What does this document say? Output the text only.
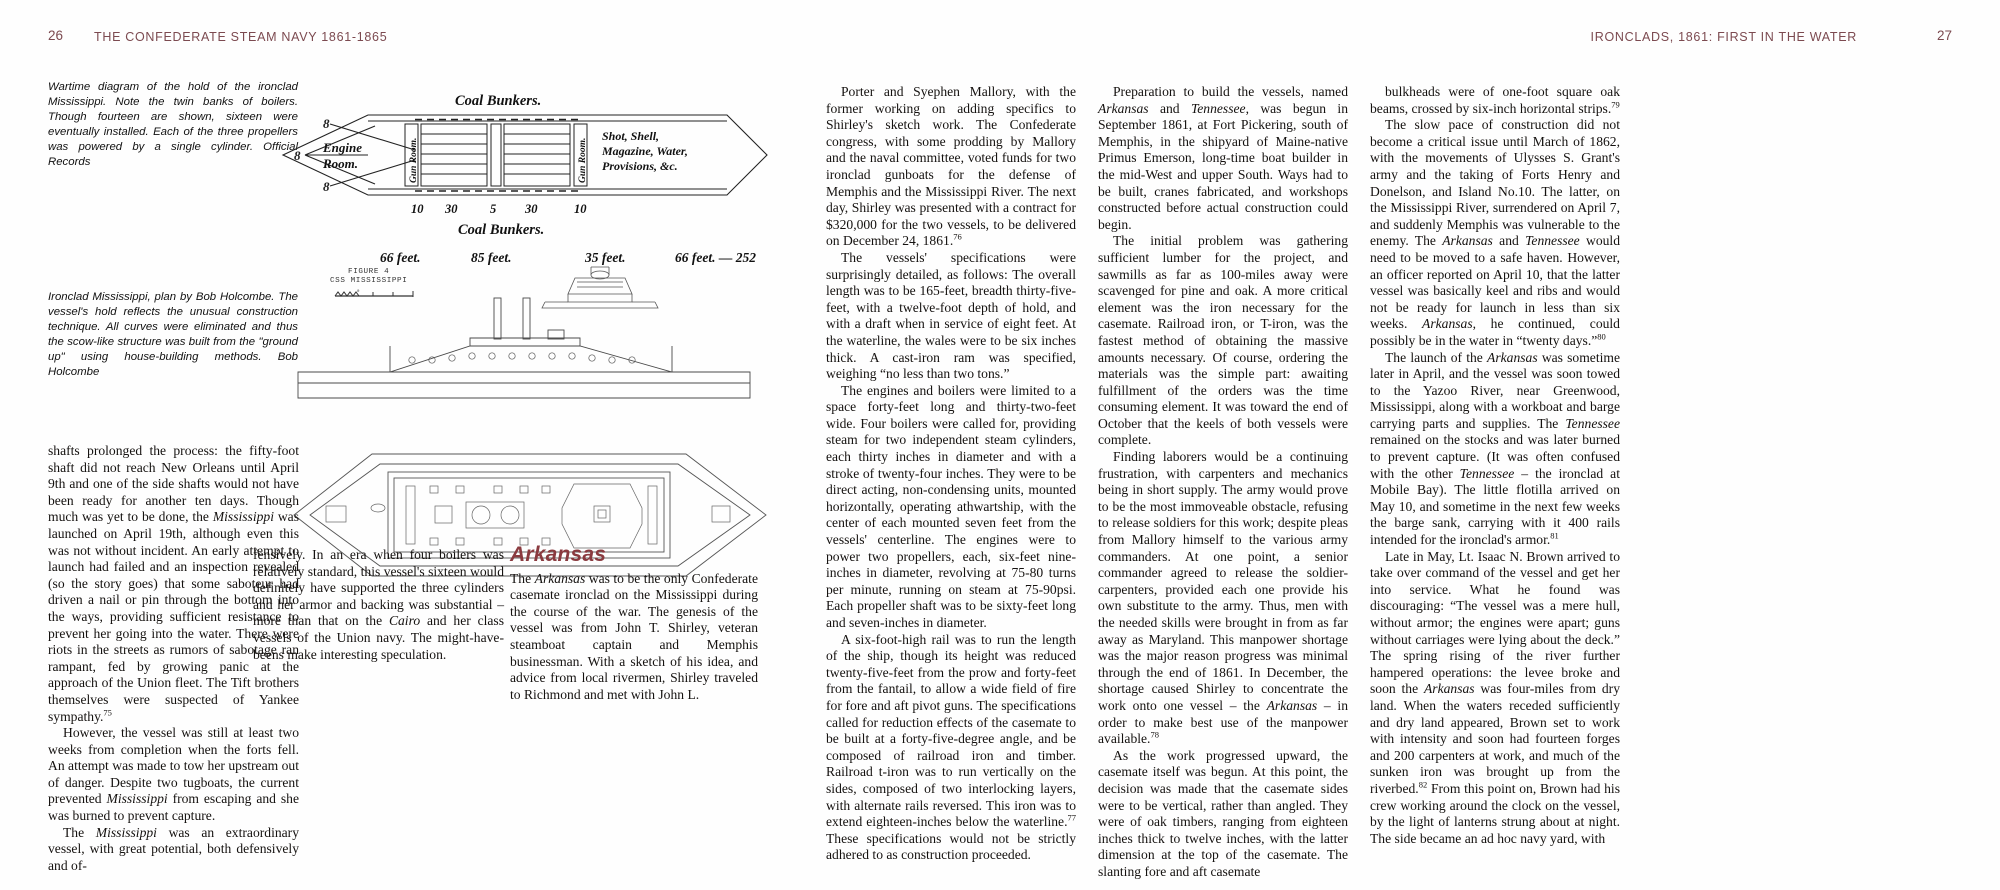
26 THE CONFEDERATE STEAM NAVY 1861-1865	IRONCLADS, 1861: FIRST IN THE WATER	27
Wartime diagram of the hold of the ironclad Mississippi. Note the twin banks of boilers. Though fourteen are shown, sixteen were eventually installed. Each of the three propellers was powered by a single cylinder. Official Records
Ironclad Mississippi, plan by Bob Holcombe. The vessel's hold reflects the unusual construction technique. All curves were eliminated and thus the scow-like structure was built from the "ground up" using house-building methods. Bob Holcombe
8
8
8
Coal Bunkers.
Engine
Room.	Gun Room.	Gun Room.
Shot, Shell,
Magazine, Water,
Provisions, &c.
10 30	5 30	10
Coal Bunkers.
66 feet.	85 feet.	35 feet.	66 feet. — 252
FIGURE 4
CSS MISSISSIPPI
0

shafts prolonged the process: the fifty-foot shaft did not reach New Orleans until April 9th and one of the side shafts would not have been ready for another ten days. Though much was yet to be done, the Mississippi was launched on April 19th, although even this was not without incident. An early attempt to launch had failed and an inspection revealed (so the story goes) that some saboteur had driven a nail or pin through the bottom into the ways, providing sufficient resistance to prevent her going into the water. There were riots in the streets as rumors of sabotage ran rampant, fed by growing panic at the approach of the Union fleet. The Tift brothers themselves were suspected of Yankee sympathy.$^{75}$

However, the vessel was still at least two weeks from completion when the forts fell. An attempt was made to tow her upstream out of danger. Despite two tugboats, the current prevented Mississippi from escaping and she was burned to prevent capture.

The Mississippi was an extraordinary vessel, with great potential, both defensively and of-

fensively. In an era when four boilers was relatively standard, this vessel's sixteen would definitely have supported the three cylinders and her armor and backing was substantial – more than that on the Cairo and her class vessels of the Union navy. The might-have-beens make interesting speculation.

Arkansas

The Arkansas was to be the only Confederate casemate ironclad on the Mississippi during the course of the war. The genesis of the vessel was from John T. Shirley, veteran steamboat captain and Memphis businessman. With a sketch of his idea, and advice from local rivermen, Shirley traveled to Richmond and met with John L.

Porter and Syephen Mallory, with the former working on adding specifics to Shirley's sketch work. The Confederate congress, with some prodding by Mallory and the naval committee, voted funds for two ironclad gunboats for the defense of Memphis and the Mississippi River. The next day, Shirley was presented with a contract for $320,000 for the two vessels, to be delivered on December 24, 1861.76

The vessels' specifications were surprisingly detailed, as follows: The overall length was to be 165-feet, breadth thirty-five-feet, with a twelve-foot depth of hold, and with a draft when in service of eight feet. At the waterline, the wales were to be six inches thick. A cast-iron ram was specified, weighing “no less than two tons.”

The engines and boilers were limited to a space forty-feet long and thirty-two-feet wide. Four boilers were called for, providing steam for two independent steam cylinders, each thirty inches in diameter and with a stroke of twenty-four inches. They were to be direct acting, non-condensing units, mounted horizontally, operating athwartship, with the center of each mounted seven feet from the vessels' centerline. The engines were to power two propellers, each, six-feet nine-inches in diameter, revolving at 75-80 turns per minute, running on steam at 75-90psi. Each propeller shaft was to be sixty-feet long and seven-inches in diameter.

A six-foot-high rail was to run the length of the ship, though its height was reduced twenty-five-feet from the prow and forty-feet from the fantail, to allow a wide field of fire for fore and aft pivot guns. The specifications called for reduction effects of the casemate to be built at a forty-five-degree angle, and be composed of railroad iron and timber. Railroad t-iron was to run vertically on the sides, composed of two interlocking layers, with alternate rails reversed. This iron was to extend eighteen-inches below the waterline.$^{77}$ These specifications would not be strictly adhered to as construction proceeded.

Preparation to build the vessels, named Arkansas and Tennessee, was begun in September 1861, at Fort Pickering, south of Memphis, in the shipyard of Maine-native Primus Emerson, long-time boat builder in the mid-West and upper South. Ways had to be built, cranes fabricated, and workshops constructed before actual construction could begin.

The initial problem was gathering sufficient lumber for the project, and sawmills as far as 100-miles away were scavenged for pine and oak. A more critical element was the iron necessary for the casemate. Railroad iron, or T-iron, was the fastest method of obtaining the massive amounts necessary. Of course, ordering the materials was the simple part: awaiting fulfillment of the orders was the time consuming element. It was toward the end of October that the keels of both vessels were complete.

Finding laborers would be a continuing frustration, with carpenters and mechanics being in short supply. The army would prove to be the most immoveable obstacle, refusing to release soldiers for this work; despite pleas from Mallory himself to the various army commanders. At one point, a senior commander agreed to release the soldier-carpenters, provided each one provide his own substitute to the army. Thus, men with the needed skills were brought in from as far away as Maryland. This manpower shortage was the major reason progress was minimal through the end of 1861. In December, the shortage caused Shirley to concentrate the work onto one vessel – the Arkansas – in order to make best use of the manpower available.$^{78}$

As the work progressed upward, the casemate itself was begun. At this point, the decision was made that the casemate sides were to be vertical, rather than angled. They were of oak timbers, ranging from eighteen inches thick to twelve inches, with the latter dimension at the top of the casemate. The slanting fore and aft casemate

bulkheads were of one-foot square oak beams, crossed by six-inch horizontal strips.$^{79}$

The slow pace of construction did not become a critical issue until March of 1862, with the movements of Ulysses S. Grant's army and the taking of Forts Henry and Donelson, and Island No.10. The latter, on the Mississippi River, surrendered on April 7, and suddenly Memphis was vulnerable to the enemy. The Arkansas and Tennessee would need to be moved to a safe haven. However, an officer reported on April 10, that the latter vessel was basically keel and ribs and would not be ready for launch in less than six weeks. Arkansas, he continued, could possibly be in the water in “twenty days.”$^{80}$

The launch of the Arkansas was sometime later in April, and the vessel was soon towed to the Yazoo River, near Greenwood, Mississippi, along with a workboat and barge carrying parts and supplies. The Tennessee remained on the stocks and was later burned to prevent capture. (It was often confused with the other Tennessee – the ironclad at Mobile Bay). The little flotilla arrived on May 10, and sometime in the next few weeks the barge sank, carrying with it 400 rails intended for the ironclad's armor.$^{81}$

Late in May, Lt. Isaac N. Brown arrived to take over command of the vessel and get her into service. What he found was discouraging: “The vessel was a mere hull, without armor; the engines were apart; guns without carriages were lying about the deck.” The spring rising of the river further hampered operations: the levee broke and soon the Arkansas was four-miles from dry land. When the waters receded sufficiently and dry land appeared, Brown set to work with intensity and soon had fourteen forges and 200 carpenters at work, and much of the sunken iron was brought up from the riverbed.$^{82}$ From this point on, Brown had his crew working around the clock on the vessel, by the light of lanterns strung about at night. The side became an ad hoc navy yard, with
